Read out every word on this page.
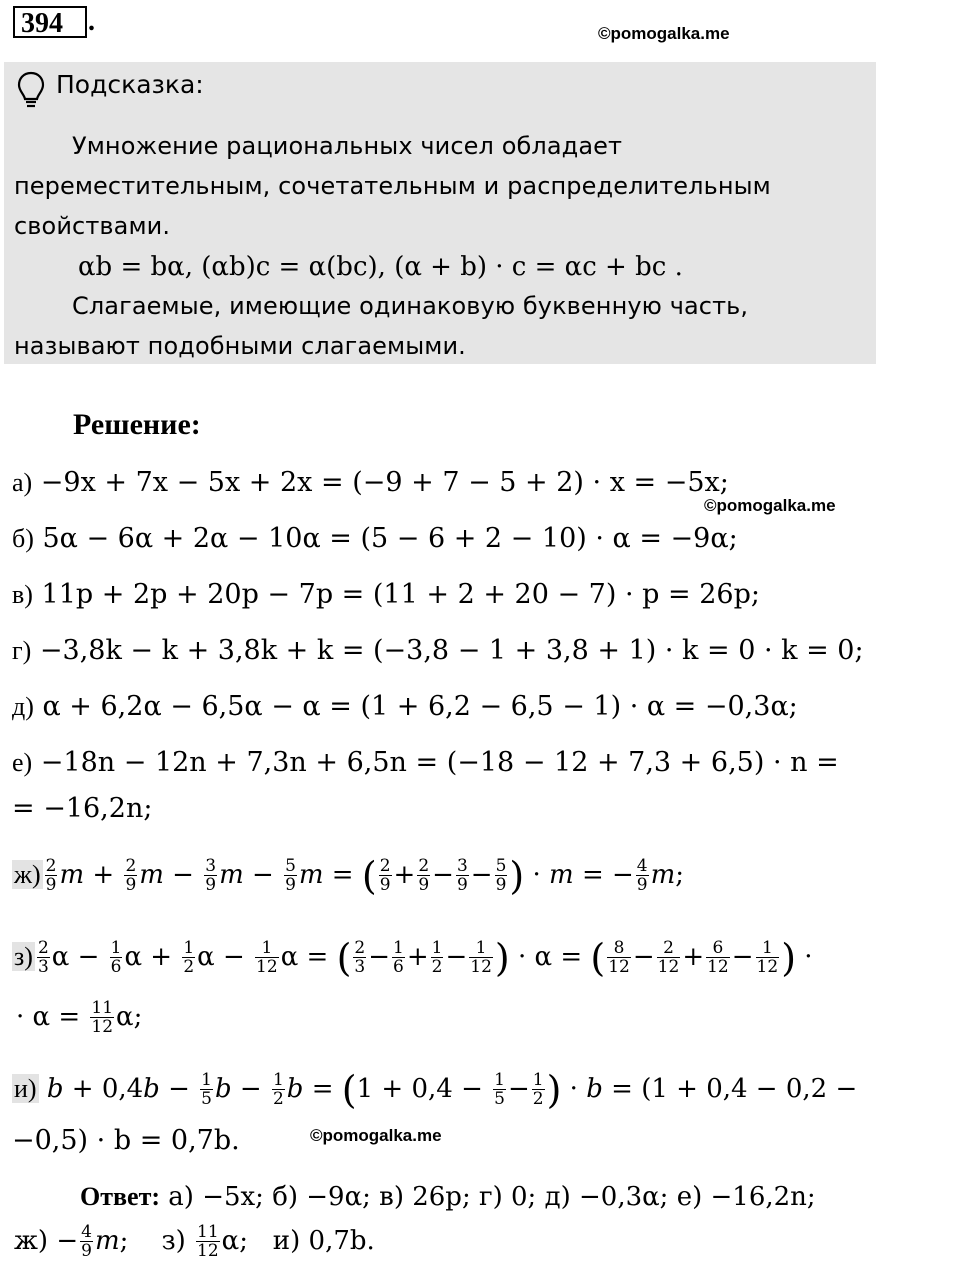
394 .	©pomogalka.me
Подсказка:
Умножение рациональных чисел обладает
переместительным, сочетательным и распределительным
свойствами.
αb = bα, (αb)c = α(bc), (α + b) · c = αc + bc .
Слагаемые, имеющие одинаковую буквенную часть,
называют подобными слагаемыми.
Решение:
а) −9x + 7x − 5x + 2x = (−9 + 7 − 5 + 2) · x = −5x;
©pomogalka.me
б) 5α − 6α + 2α − 10α = (5 − 6 + 2 − 10) · α = −9α;
в) 11p + 2p + 20p − 7p = (11 + 2 + 20 − 7) · p = 26p;
г) −3,8k − k + 3,8k + k = (−3,8 − 1 + 3,8 + 1) · k = 0 · k = 0;
д) α + 6,2α − 6,5α − α = (1 + 6,2 − 6,5 − 1) · α = −0,3α;
е) −18n − 12n + 7,3n + 6,5n = (−18 − 12 + 7,3 + 6,5) · n =
= −16,2n;
$ж) \frac{2}{9}$ $m + \frac{2}{9}$ $m - \frac{3}{9}$ $m - \frac{5}{9}$ m = ( $\frac{2}{9} + \frac{2}{9} - \frac{3}{9} - \frac{5}{9}$ ) · m = − $\frac{4}{9} m$;
$з) \frac{2}{3}$ $\alpha - \frac{1}{6}$ $\alpha + \frac{1}{2}$ $\alpha - \frac{1}{12}$ α = ( $\frac{2}{3} - \frac{1}{6} + \frac{1}{2} - \frac{1}{12}$ ) · α = ( $\frac{8}{12} - \frac{2}{12} + \frac{6}{12} - \frac{1}{12}$ ) ·
· $\alpha = \frac{11}{12} \alpha$;
и) $b + 0,4b - \frac{1}{5}$ $b - \frac{1}{2}$ $b = (1 + 0,4 - \frac{1}{5} - \frac{1}{2}$ ) · b = (1 + 0,4 − 0,2 −
−0,5) · b = 0,7b.	©pomogalka.me
Ответ: а) −5x; б) −9α; в) 26p; г) 0; д) −0,3α; е) −16,2n;
$ж) - \frac{4}{9} m$;    $з) \frac{11}{12} \alpha$;   и) 0,7b.
